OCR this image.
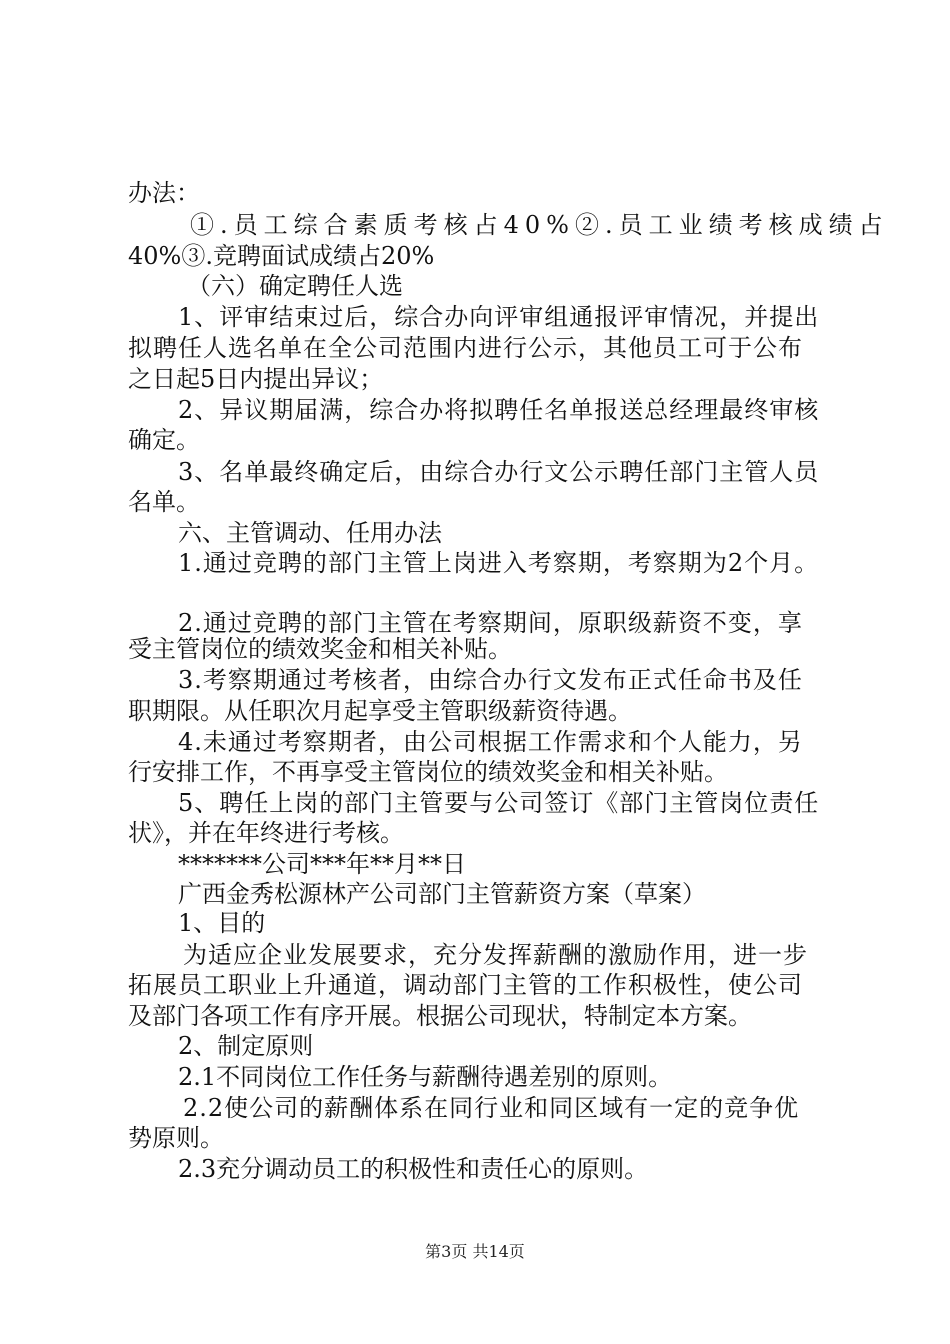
办法：
①.员工综合素质考核占40%②.员工业绩考核成绩占
40%③.竞聘面试成绩占20%
（六）确定聘任人选
1、评审结束过后，综合办向评审组通报评审情况，并提出
拟聘任人选名单在全公司范围内进行公示，其他员工可于公布
之日起5日内提出异议；
2、异议期届满，综合办将拟聘任名单报送总经理最终审核
确定。
3、名单最终确定后，由综合办行文公示聘任部门主管人员
名单。
六、主管调动、任用办法
1.通过竞聘的部门主管上岗进入考察期，考察期为2个月。
2.通过竞聘的部门主管在考察期间，原职级薪资不变，享
受主管岗位的绩效奖金和相关补贴。
3.考察期通过考核者，由综合办行文发布正式任命书及任
职期限。从任职次月起享受主管职级薪资待遇。
4.未通过考察期者，由公司根据工作需求和个人能力，另
行安排工作，不再享受主管岗位的绩效奖金和相关补贴。
5、聘任上岗的部门主管要与公司签订《部门主管岗位责任
状》，并在年终进行考核。
*******公司***年**月**日
广西金秀松源林产公司部门主管薪资方案（草案）
1、目的
为适应企业发展要求，充分发挥薪酬的激励作用，进一步
拓展员工职业上升通道，调动部门主管的工作积极性，使公司
及部门各项工作有序开展。根据公司现状，特制定本方案。
2、制定原则
2.1不同岗位工作任务与薪酬待遇差别的原则。
2.2使公司的薪酬体系在同行业和同区域有一定的竞争优
势原则。
2.3充分调动员工的积极性和责任心的原则。
第3页 共14页
